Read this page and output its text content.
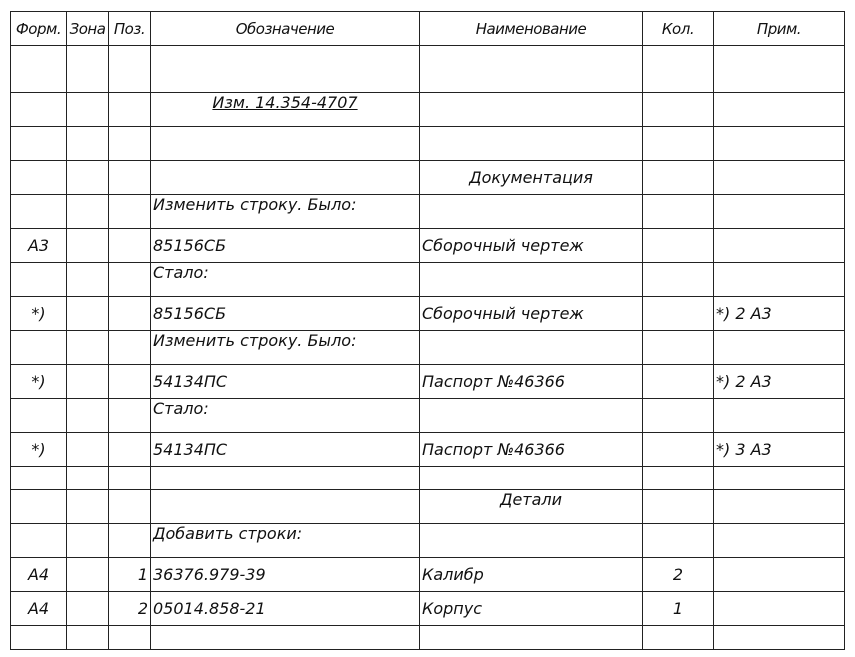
Форм.	Зона	Поз.	Обозначение	Наименование	Кол.	Прим.

			Изм. 14.354-4707			

				Документация		
			Изменить строку. Было:			
A3			85156СБ	Сборочный чертеж		
			Стало:			
*)			85156СБ	Сборочный чертеж		*) 2 A3
			Изменить строку. Было:			
*)			54134ПС	Паспорт №46366		*) 2 A3
			Стало:			
*)			54134ПС	Паспорт №46366		*) 3 A3

				Детали		
			Добавить строки:			
A4		1	36376.979-39	Калибр	2	
A4		2	05014.858-21	Корпус	1	
